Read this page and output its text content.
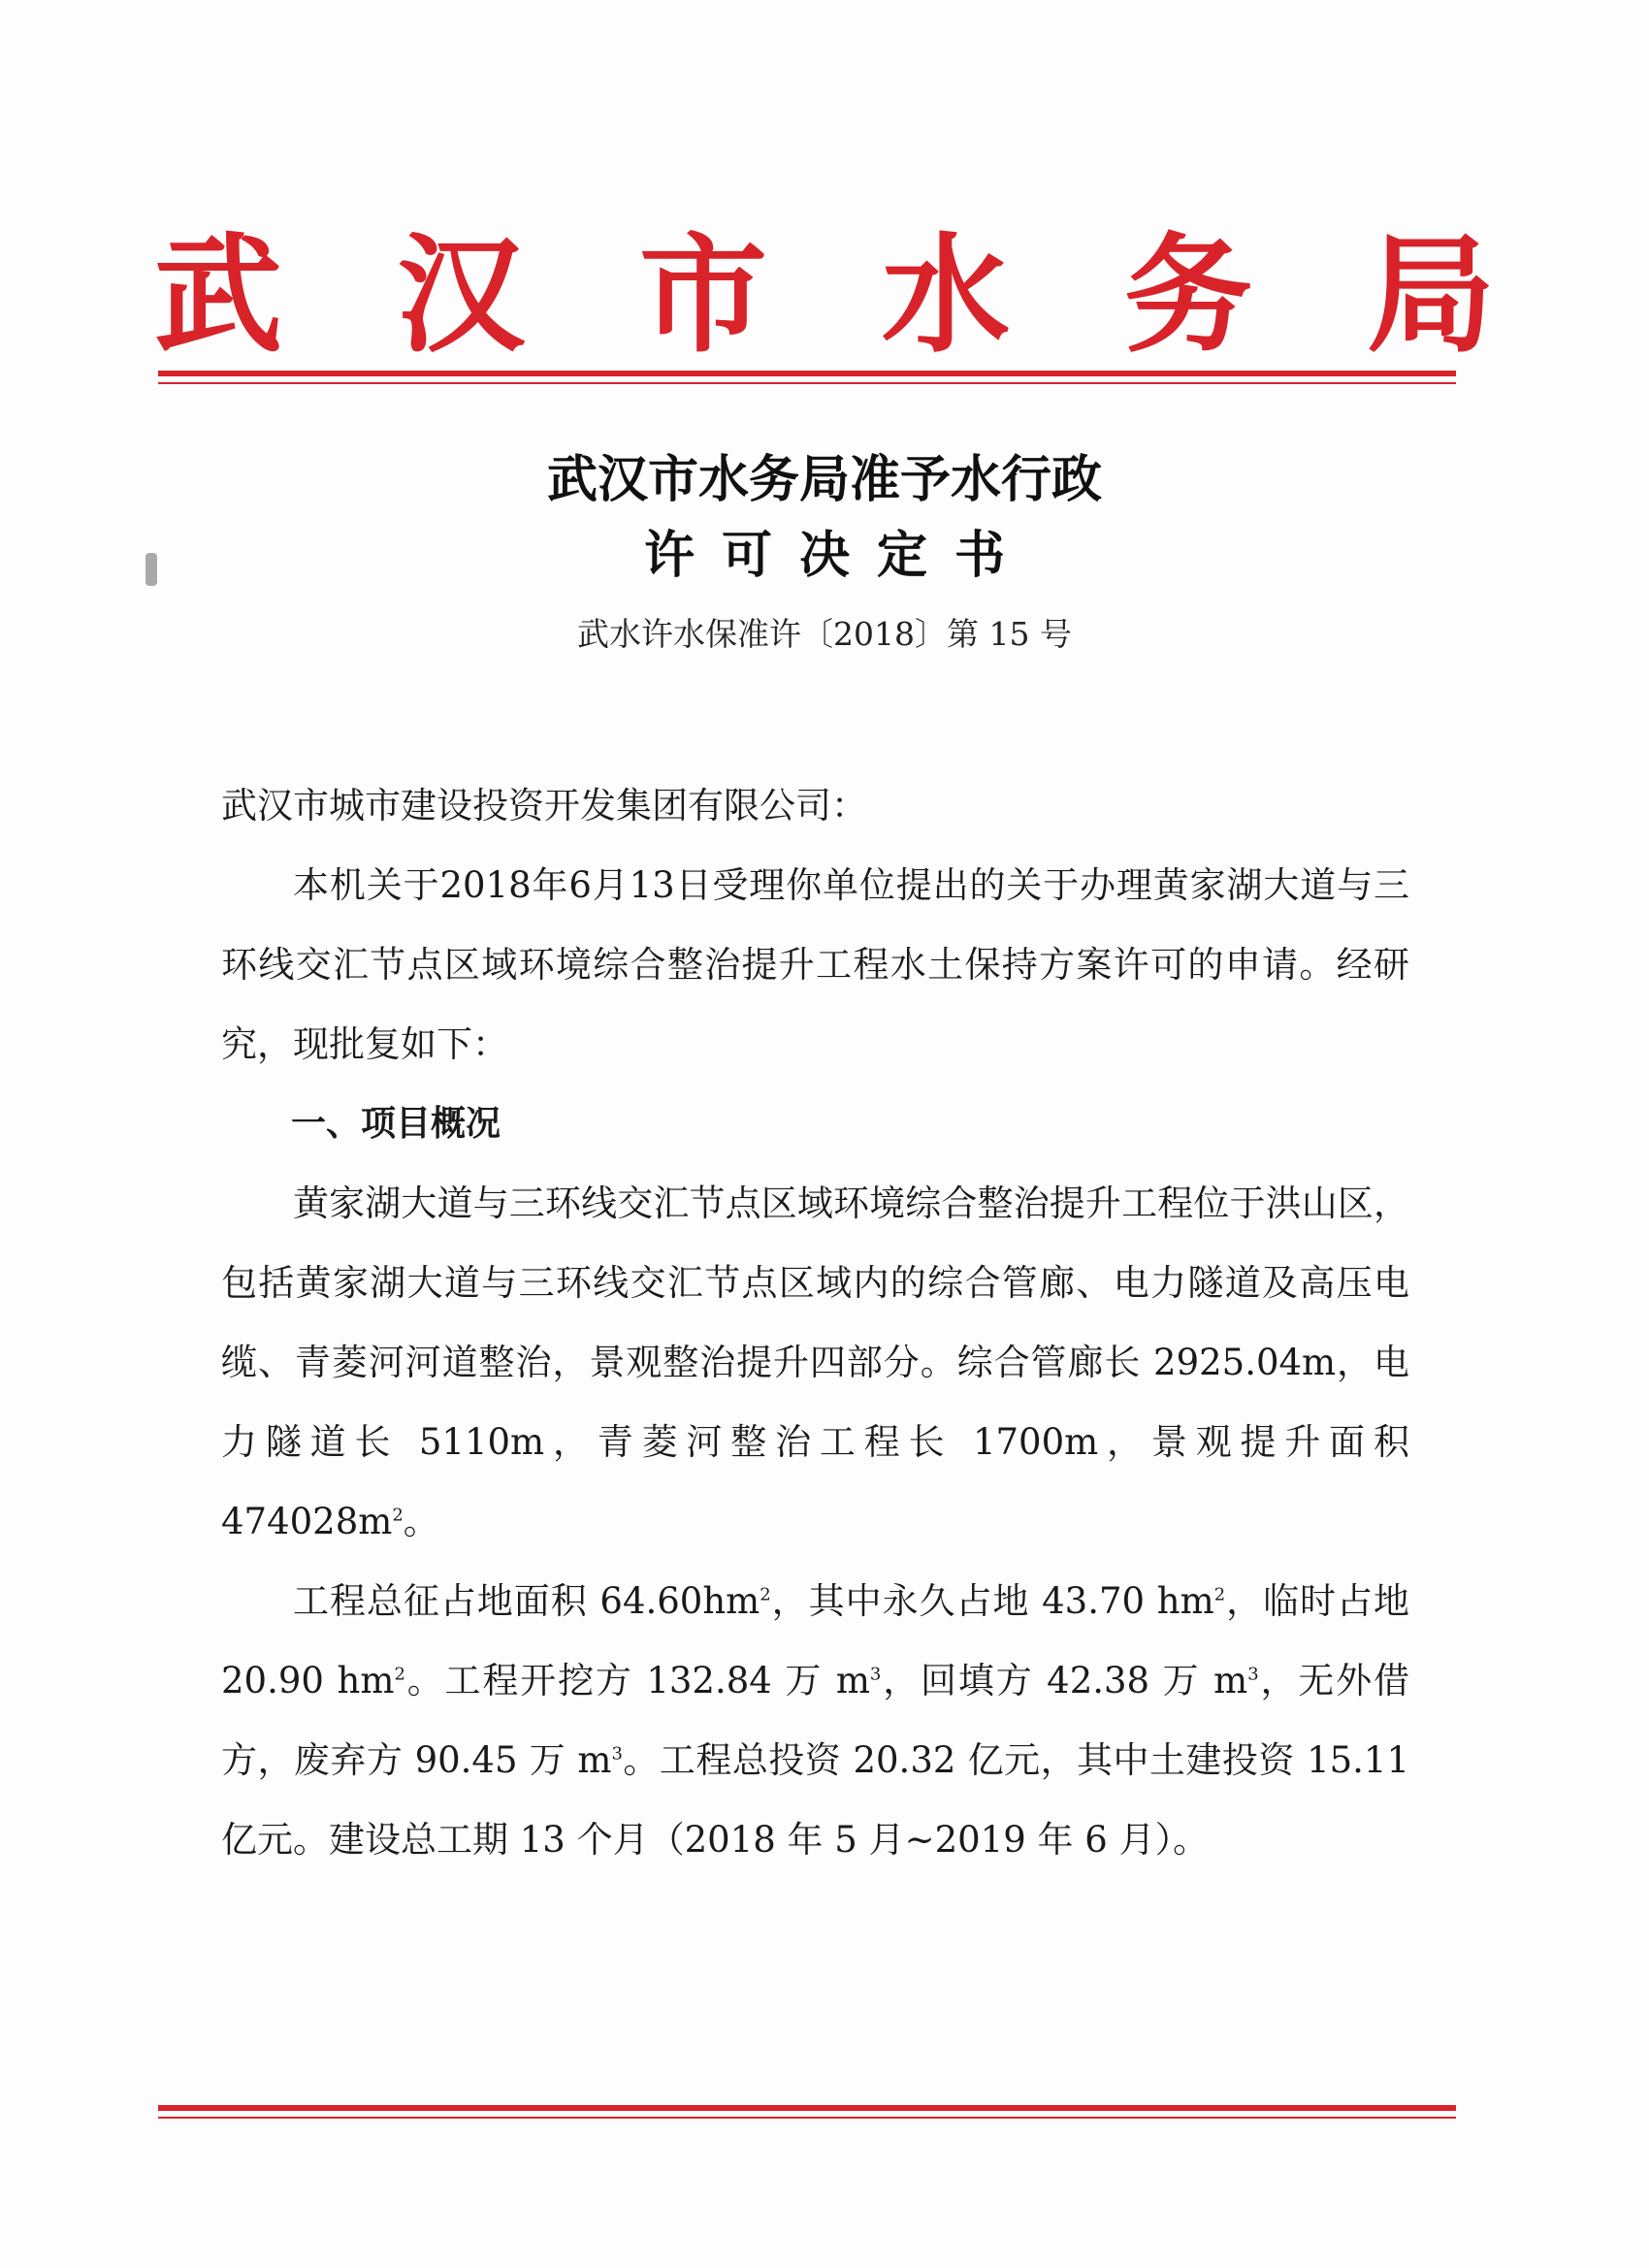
武 汉 市 水 务 局
武汉市水务局准予水行政
许可决定书
武水许水保准许〔2018〕第 15 号

武汉市城市建设投资开发集团有限公司：

本机关于2018年6月13日受理你单位提出的关于办理黄家湖大道与三环线交汇节点区域环境综合整治提升工程水土保持方案许可的申请。经研究，现批复如下：

一、项目概况

黄家湖大道与三环线交汇节点区域环境综合整治提升工程位于洪山区，包括黄家湖大道与三环线交汇节点区域内的综合管廊、电力隧道及高压电缆、青菱河河道整治，景观整治提升四部分。综合管廊长 2925.04m，电力隧道长 5110m，青菱河整治工程长 1700m，景观提升面积 $474028m^2$。

工程总征占地面积 $64.60hm^2$，其中永久占地 43.70 $hm^2$，临时占地 20.90 $hm^2$。工程开挖方 132.84 万 $m^3$，回填方 42.38 万 $m^3$，无外借方，废弃方 90.45 万 $m^3$。工程总投资 20.32 亿元，其中土建投资 15.11 亿元。建设总工期 13 个月（2018 年 5 月~2019 年 6 月）。
